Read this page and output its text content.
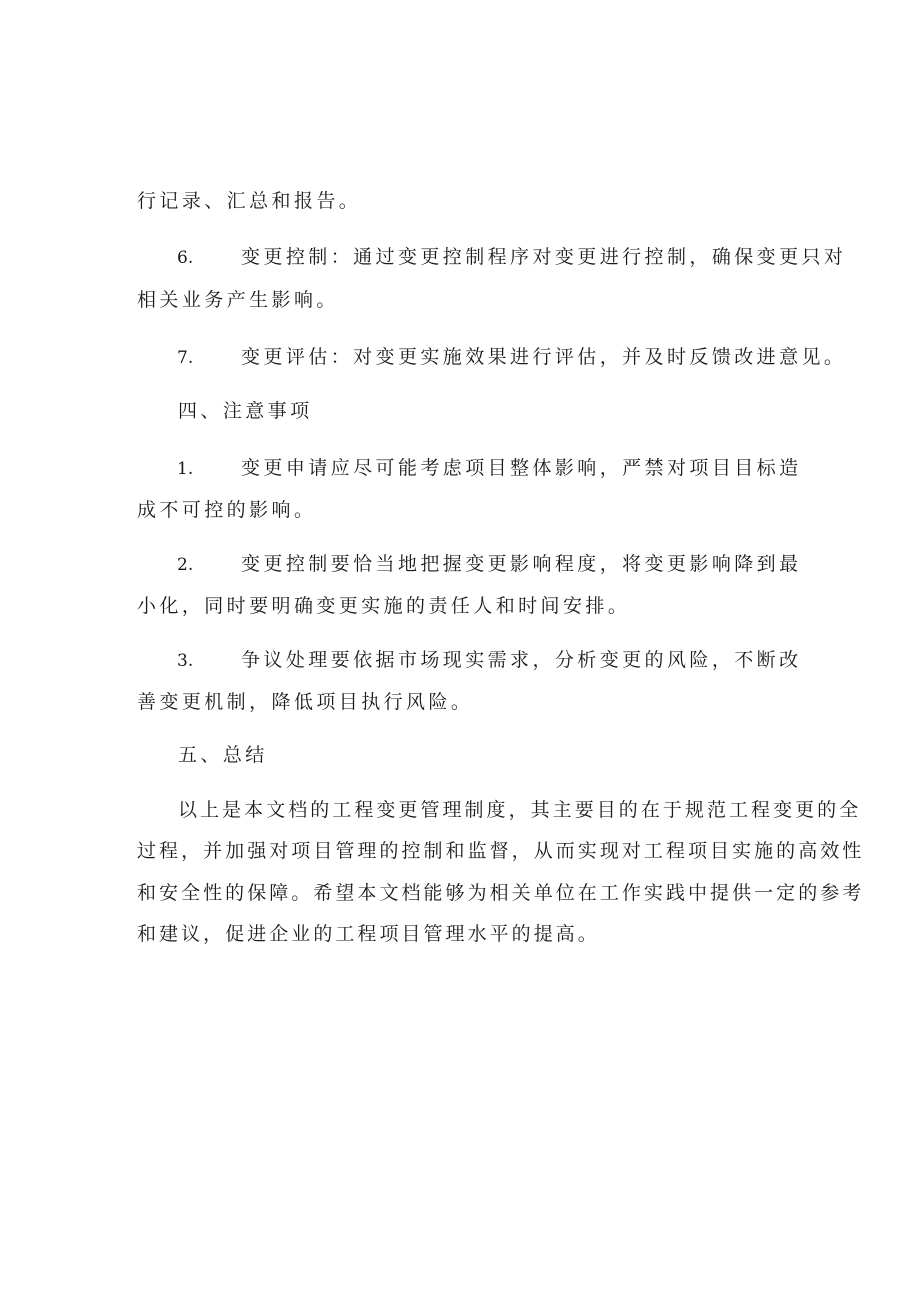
行记录、汇总和报告。
6.	变更控制：通过变更控制程序对变更进行控制，确保变更只对
相关业务产生影响。
7.	变更评估：对变更实施效果进行评估，并及时反馈改进意见。
四、注意事项
1.	变更申请应尽可能考虑项目整体影响，严禁对项目目标造
成不可控的影响。
2.	变更控制要恰当地把握变更影响程度，将变更影响降到最
小化，同时要明确变更实施的责任人和时间安排。
3.	争议处理要依据市场现实需求，分析变更的风险，不断改
善变更机制，降低项目执行风险。
五、总结
以上是本文档的工程变更管理制度，其主要目的在于规范工程变更的全
过程，并加强对项目管理的控制和监督，从而实现对工程项目实施的高效性
和安全性的保障。希望本文档能够为相关单位在工作实践中提供一定的参考
和建议，促进企业的工程项目管理水平的提高。
